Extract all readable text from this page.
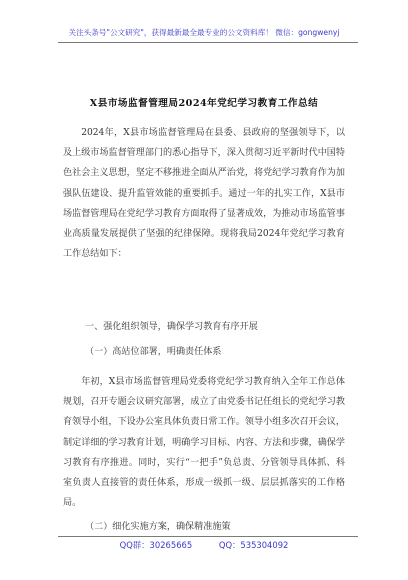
关注头条号"公文研究"，获得最新最全最专业的公文资料库！ 微信：gongwenyj
X县市场监督管理局2024年党纪学习教育工作总结

2024年，X县市场监督管理局在县委、县政府的坚强领导下，以及上级市场监督管理部门的悉心指导下，深入贯彻习近平新时代中国特色社会主义思想，坚定不移推进全面从严治党，将党纪学习教育作为加强队伍建设、提升监管效能的重要抓手。通过一年的扎实工作，X县市场监督管理局在党纪学习教育方面取得了显著成效，为推动市场监管事业高质量发展提供了坚强的纪律保障。现将我局2024年党纪学习教育工作总结如下：

一、强化组织领导，确保学习教育有序开展

（一）高站位部署，明确责任体系

年初，X县市场监督管理局党委将党纪学习教育纳入全年工作总体规划，召开专题会议研究部署，成立了由党委书记任组长的党纪学习教育领导小组，下设办公室具体负责日常工作。领导小组多次召开会议，制定详细的学习教育计划，明确学习目标、内容、方法和步骤，确保学习教育有序推进。同时，实行“一把手”负总责、分管领导具体抓、科室负责人直接管的责任体系，形成一级抓一级、层层抓落实的工作格局。

（二）细化实施方案，确保精准施策

QQ群：30265665	QQ：535304092
